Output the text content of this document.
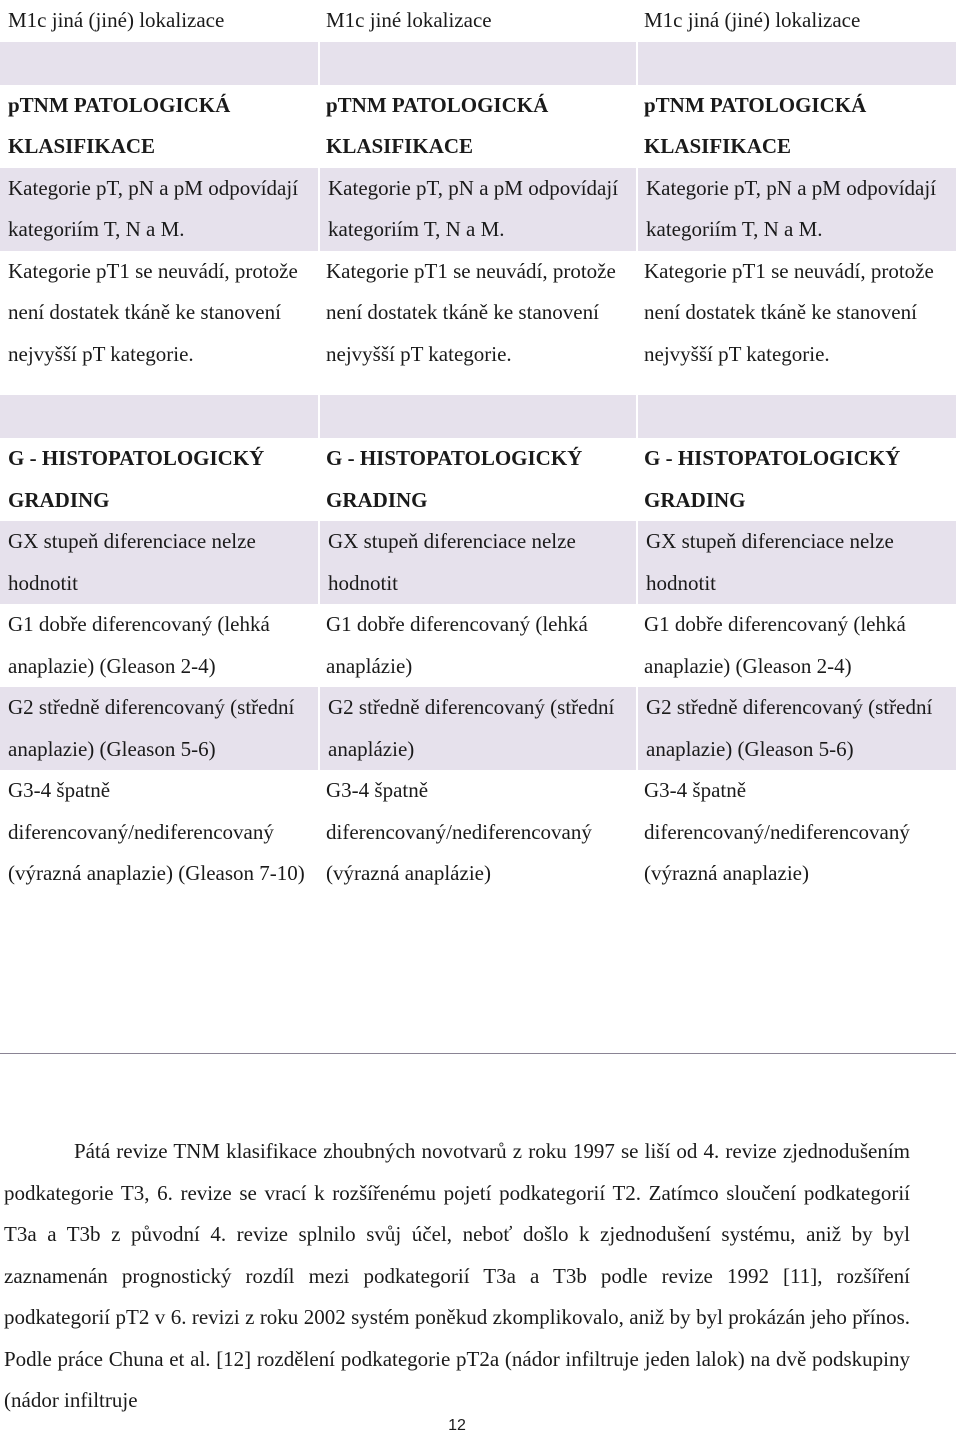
M1c jiná (jiné) lokalizace	M1c jiné lokalizace	M1c jiná (jiné) lokalizace
pTNM PATOLOGICKÁ KLASIFIKACE
pTNM PATOLOGICKÁ KLASIFIKACE
pTNM PATOLOGICKÁ KLASIFIKACE
Kategorie pT, pN a pM odpovídají kategoriím T, N a M.
Kategorie pT, pN a pM odpovídají kategoriím T, N a M.
Kategorie pT, pN a pM odpovídají kategoriím T, N a M.
Kategorie pT1 se neuvádí, protože není dostatek tkáně ke stanovení nejvyšší pT kategorie.
Kategorie pT1 se neuvádí, protože není dostatek tkáně ke stanovení nejvyšší pT kategorie.
Kategorie pT1 se neuvádí, protože není dostatek tkáně ke stanovení nejvyšší pT kategorie.
G - HISTOPATOLOGICKÝ GRADING
G - HISTOPATOLOGICKÝ GRADING
G - HISTOPATOLOGICKÝ GRADING
GX stupeň diferenciace nelze hodnotit
GX stupeň diferenciace nelze hodnotit
GX stupeň diferenciace nelze hodnotit
G1 dobře diferencovaný (lehká anaplazie) (Gleason 2-4)
G1 dobře diferencovaný (lehká anaplázie)
G1 dobře diferencovaný (lehká anaplazie) (Gleason 2-4)
G2 středně diferencovaný (střední anaplazie) (Gleason 5-6)
G2 středně diferencovaný (střední anaplázie)
G2 středně diferencovaný (střední anaplazie) (Gleason 5-6)
G3-4 špatně diferencovaný/nediferencovaný (výrazná anaplazie) (Gleason 7-10)
G3-4 špatně diferencovaný/nediferencovaný (výrazná anaplázie)
G3-4 špatně diferencovaný/nediferencovaný (výrazná anaplazie)

Pátá revize TNM klasifikace zhoubných novotvarů z roku 1997 se liší od 4. revize zjednodušením podkategorie T3, 6. revize se vrací k rozšířenému pojetí podkategorií T2. Zatímco sloučení podkategorií T3a a T3b z původní 4. revize splnilo svůj účel, neboť došlo k zjednodušení systému, aniž by byl zaznamenán prognostický rozdíl mezi podkategorií T3a a T3b podle revize 1992 [11], rozšíření podkategorií pT2 v 6. revizi z roku 2002 systém poněkud zkomplikovalo, aniž by byl prokázán jeho přínos. Podle práce Chuna et al. [12] rozdělení podkategorie pT2a (nádor infiltruje jeden lalok) na dvě podskupiny (nádor infiltruje

12
